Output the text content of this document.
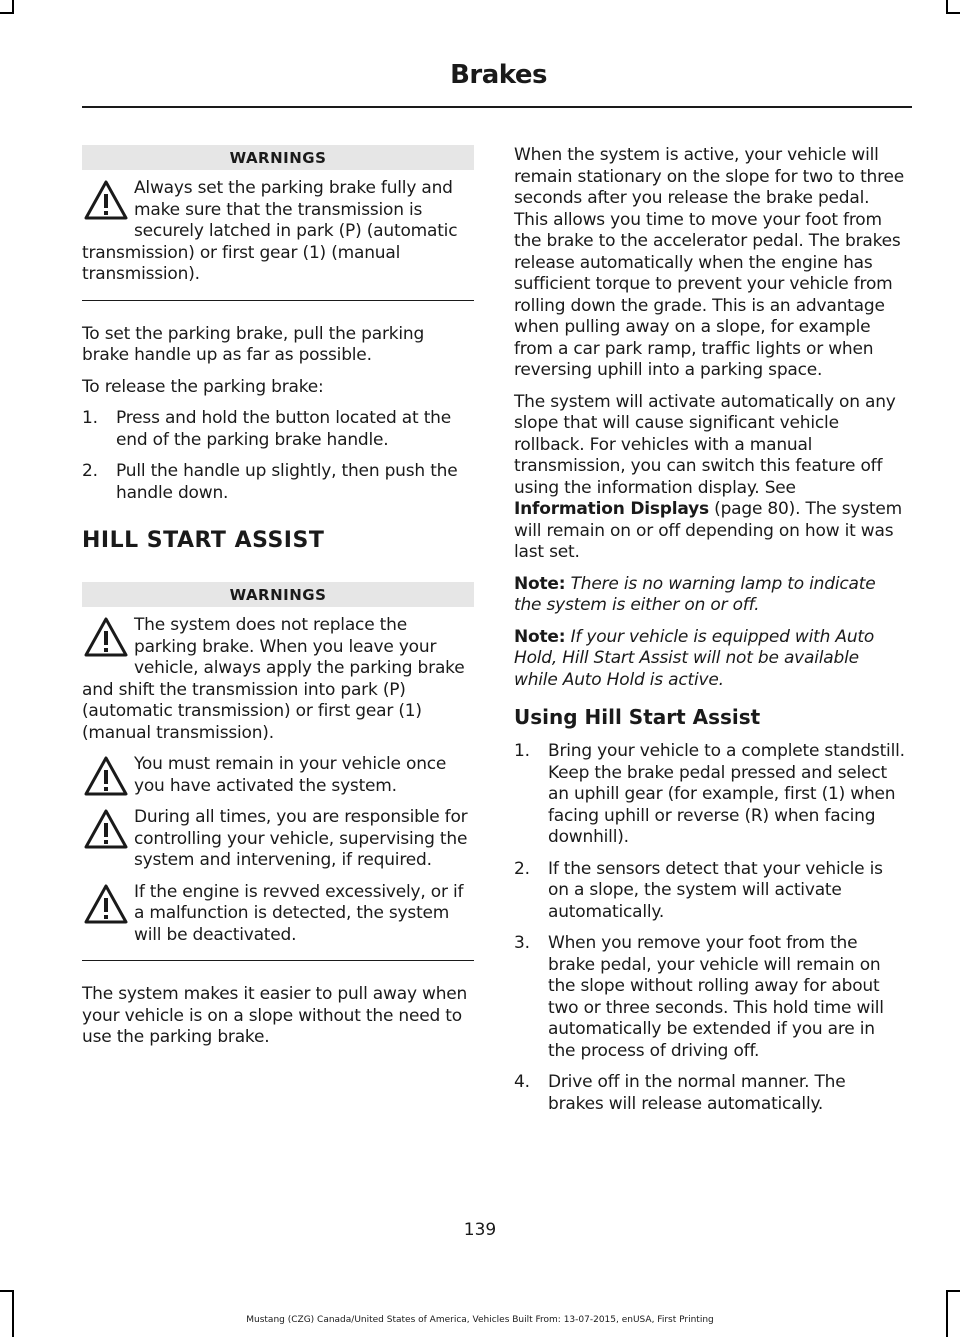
Brakes
WARNINGS
Always set the parking brake fully and make sure that the transmission is securely latched in park (P) (automatic transmission) or first gear (1) (manual transmission).

To set the parking brake, pull the parking brake handle up as far as possible.

To release the parking brake:

1. Press and hold the button located at the end of the parking brake handle.
2. Pull the handle up slightly, then push the handle down.
HILL START ASSIST
WARNINGS
The system does not replace the parking brake. When you leave your vehicle, always apply the parking brake and shift the transmission into park (P) (automatic transmission) or first gear (1) (manual transmission).
You must remain in your vehicle once you have activated the system.
During all times, you are responsible for controlling your vehicle, supervising the system and intervening, if required.
If the engine is revved excessively, or if a malfunction is detected, the system will be deactivated.

The system makes it easier to pull away when your vehicle is on a slope without the need to use the parking brake.

When the system is active, your vehicle will remain stationary on the slope for two to three seconds after you release the brake pedal. This allows you time to move your foot from the brake to the accelerator pedal. The brakes release automatically when the engine has sufficient torque to prevent your vehicle from rolling down the grade. This is an advantage when pulling away on a slope, for example from a car park ramp, traffic lights or when reversing uphill into a parking space.

The system will activate automatically on any slope that will cause significant vehicle rollback. For vehicles with a manual transmission, you can switch this feature off using the information display. See Information Displays (page 80). The system will remain on or off depending on how it was last set.

Note: There is no warning lamp to indicate the system is either on or off.

Note: If your vehicle is equipped with Auto Hold, Hill Start Assist will not be available while Auto Hold is active.

Using Hill Start Assist
1. Bring your vehicle to a complete standstill. Keep the brake pedal pressed and select an uphill gear (for example, first (1) when facing uphill or reverse (R) when facing downhill).
2. If the sensors detect that your vehicle is on a slope, the system will activate automatically.
3. When you remove your foot from the brake pedal, your vehicle will remain on the slope without rolling away for about two or three seconds. This hold time will automatically be extended if you are in the process of driving off.
4. Drive off in the normal manner. The brakes will release automatically.
139
Mustang (CZG) Canada/United States of America, Vehicles Built From: 13-07-2015, enUSA, First Printing
